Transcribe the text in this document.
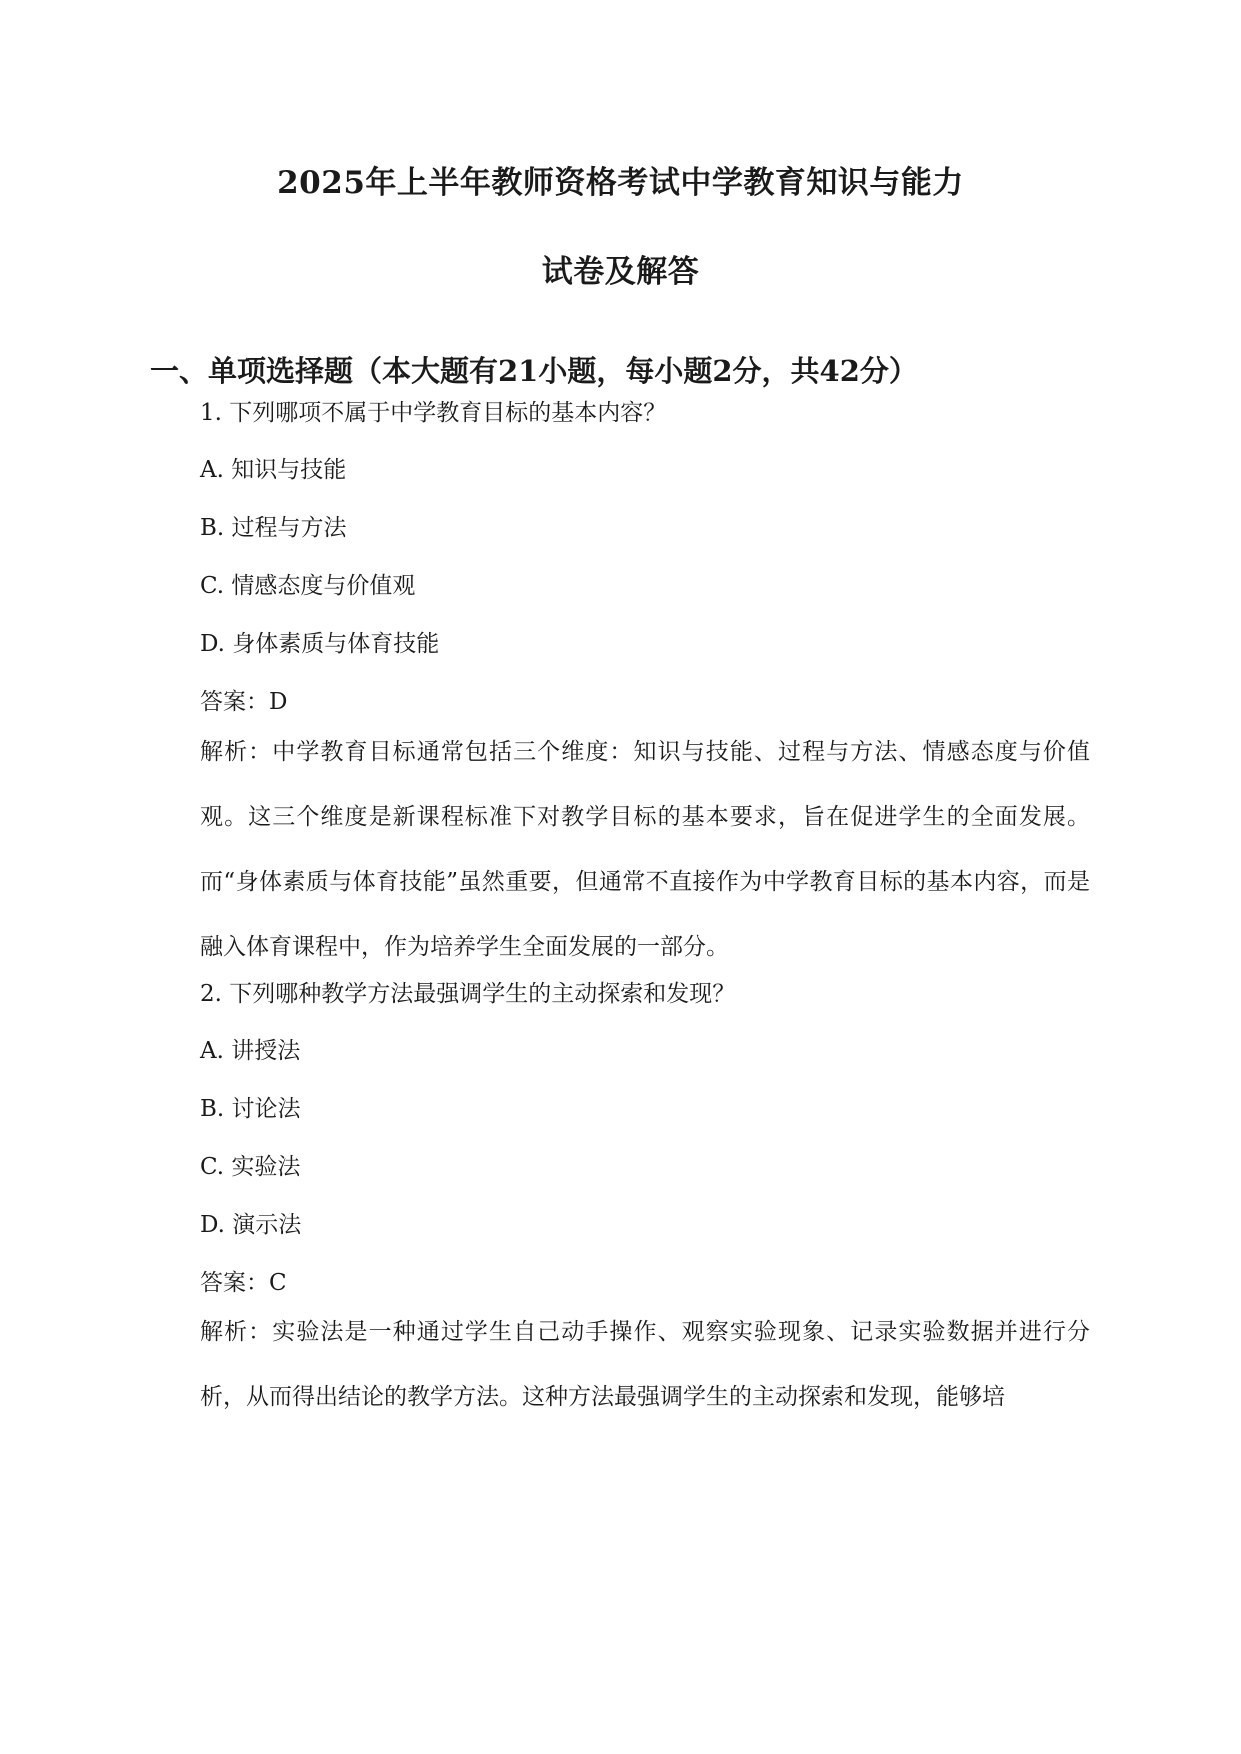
2025年上半年教师资格考试中学教育知识与能力
试卷及解答
一、单项选择题（本大题有21小题，每小题2分，共42分）
1. 下列哪项不属于中学教育目标的基本内容？
A. 知识与技能
B. 过程与方法
C. 情感态度与价值观
D. 身体素质与体育技能
答案：D
解析：中学教育目标通常包括三个维度：知识与技能、过程与方法、情感态度与价值观。这三个维度是新课程标准下对教学目标的基本要求，旨在促进学生的全面发展。而“身体素质与体育技能”虽然重要，但通常不直接作为中学教育目标的基本内容，而是融入体育课程中，作为培养学生全面发展的一部分。
2. 下列哪种教学方法最强调学生的主动探索和发现？
A. 讲授法
B. 讨论法
C. 实验法
D. 演示法
答案：C
解析：实验法是一种通过学生自己动手操作、观察实验现象、记录实验数据并进行分析，从而得出结论的教学方法。这种方法最强调学生的主动探索和发现，能够培
